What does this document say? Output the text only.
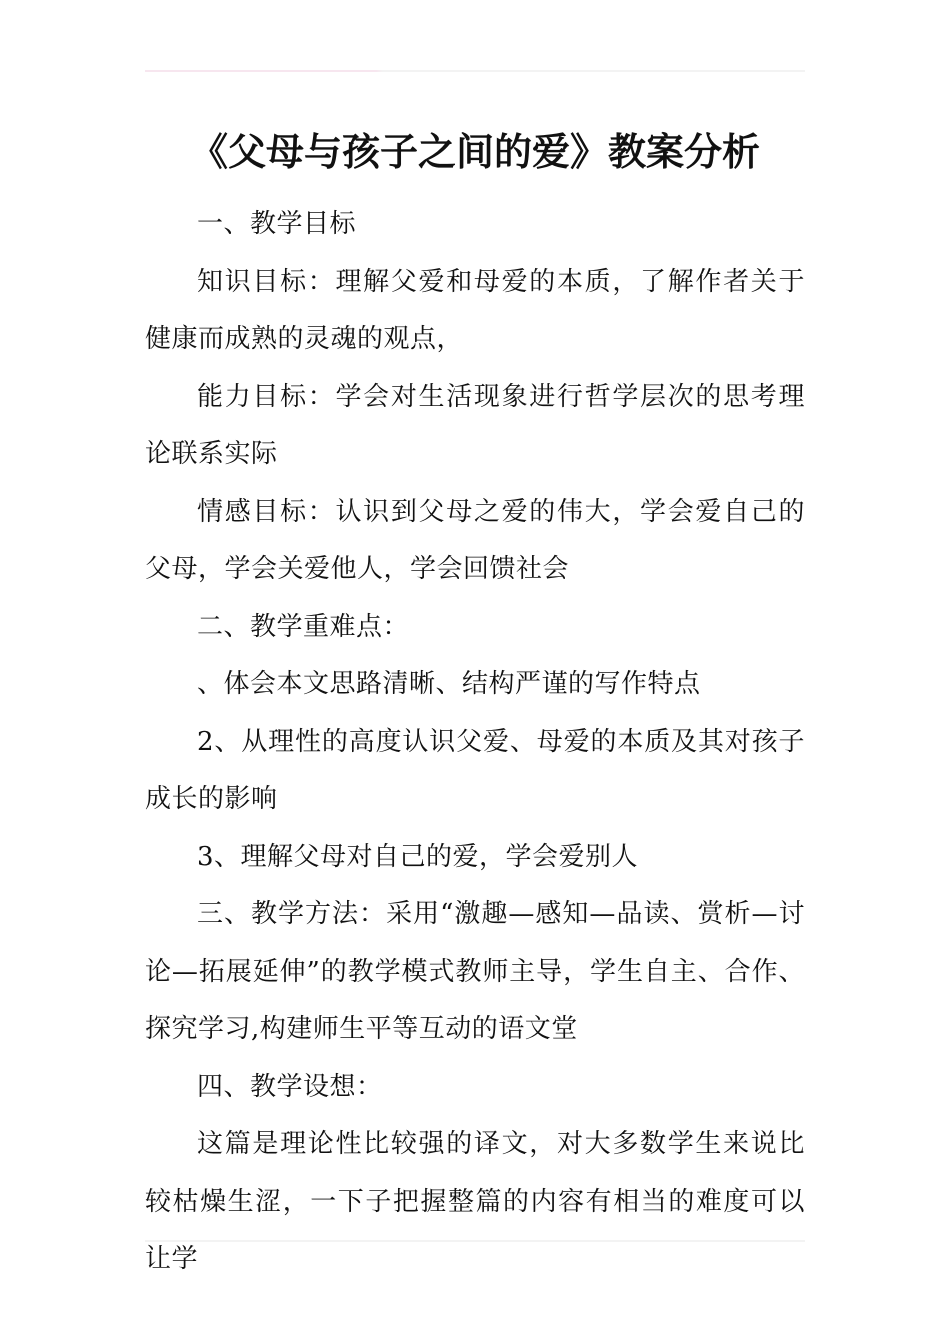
《父母与孩子之间的爱》教案分析

一、教学目标

知识目标：理解父爱和母爱的本质，了解作者关于健康而成熟的灵魂的观点，

能力目标：学会对生活现象进行哲学层次的思考理论联系实际

情感目标：认识到父母之爱的伟大，学会爱自己的父母，学会关爱他人，学会回馈社会

二、教学重难点：

、体会本文思路清晰、结构严谨的写作特点

2、从理性的高度认识父爱、母爱的本质及其对孩子成长的影响

3、理解父母对自己的爱，学会爱别人

三、教学方法：采用“激趣—感知—品读、赏析—讨论—拓展延伸”的教学模式教师主导，学生自主、合作、探究学习,构建师生平等互动的语文堂

四、教学设想：

这篇是理论性比较强的译文，对大多数学生来说比较枯燥生涩，一下子把握整篇的内容有相当的难度可以让学
